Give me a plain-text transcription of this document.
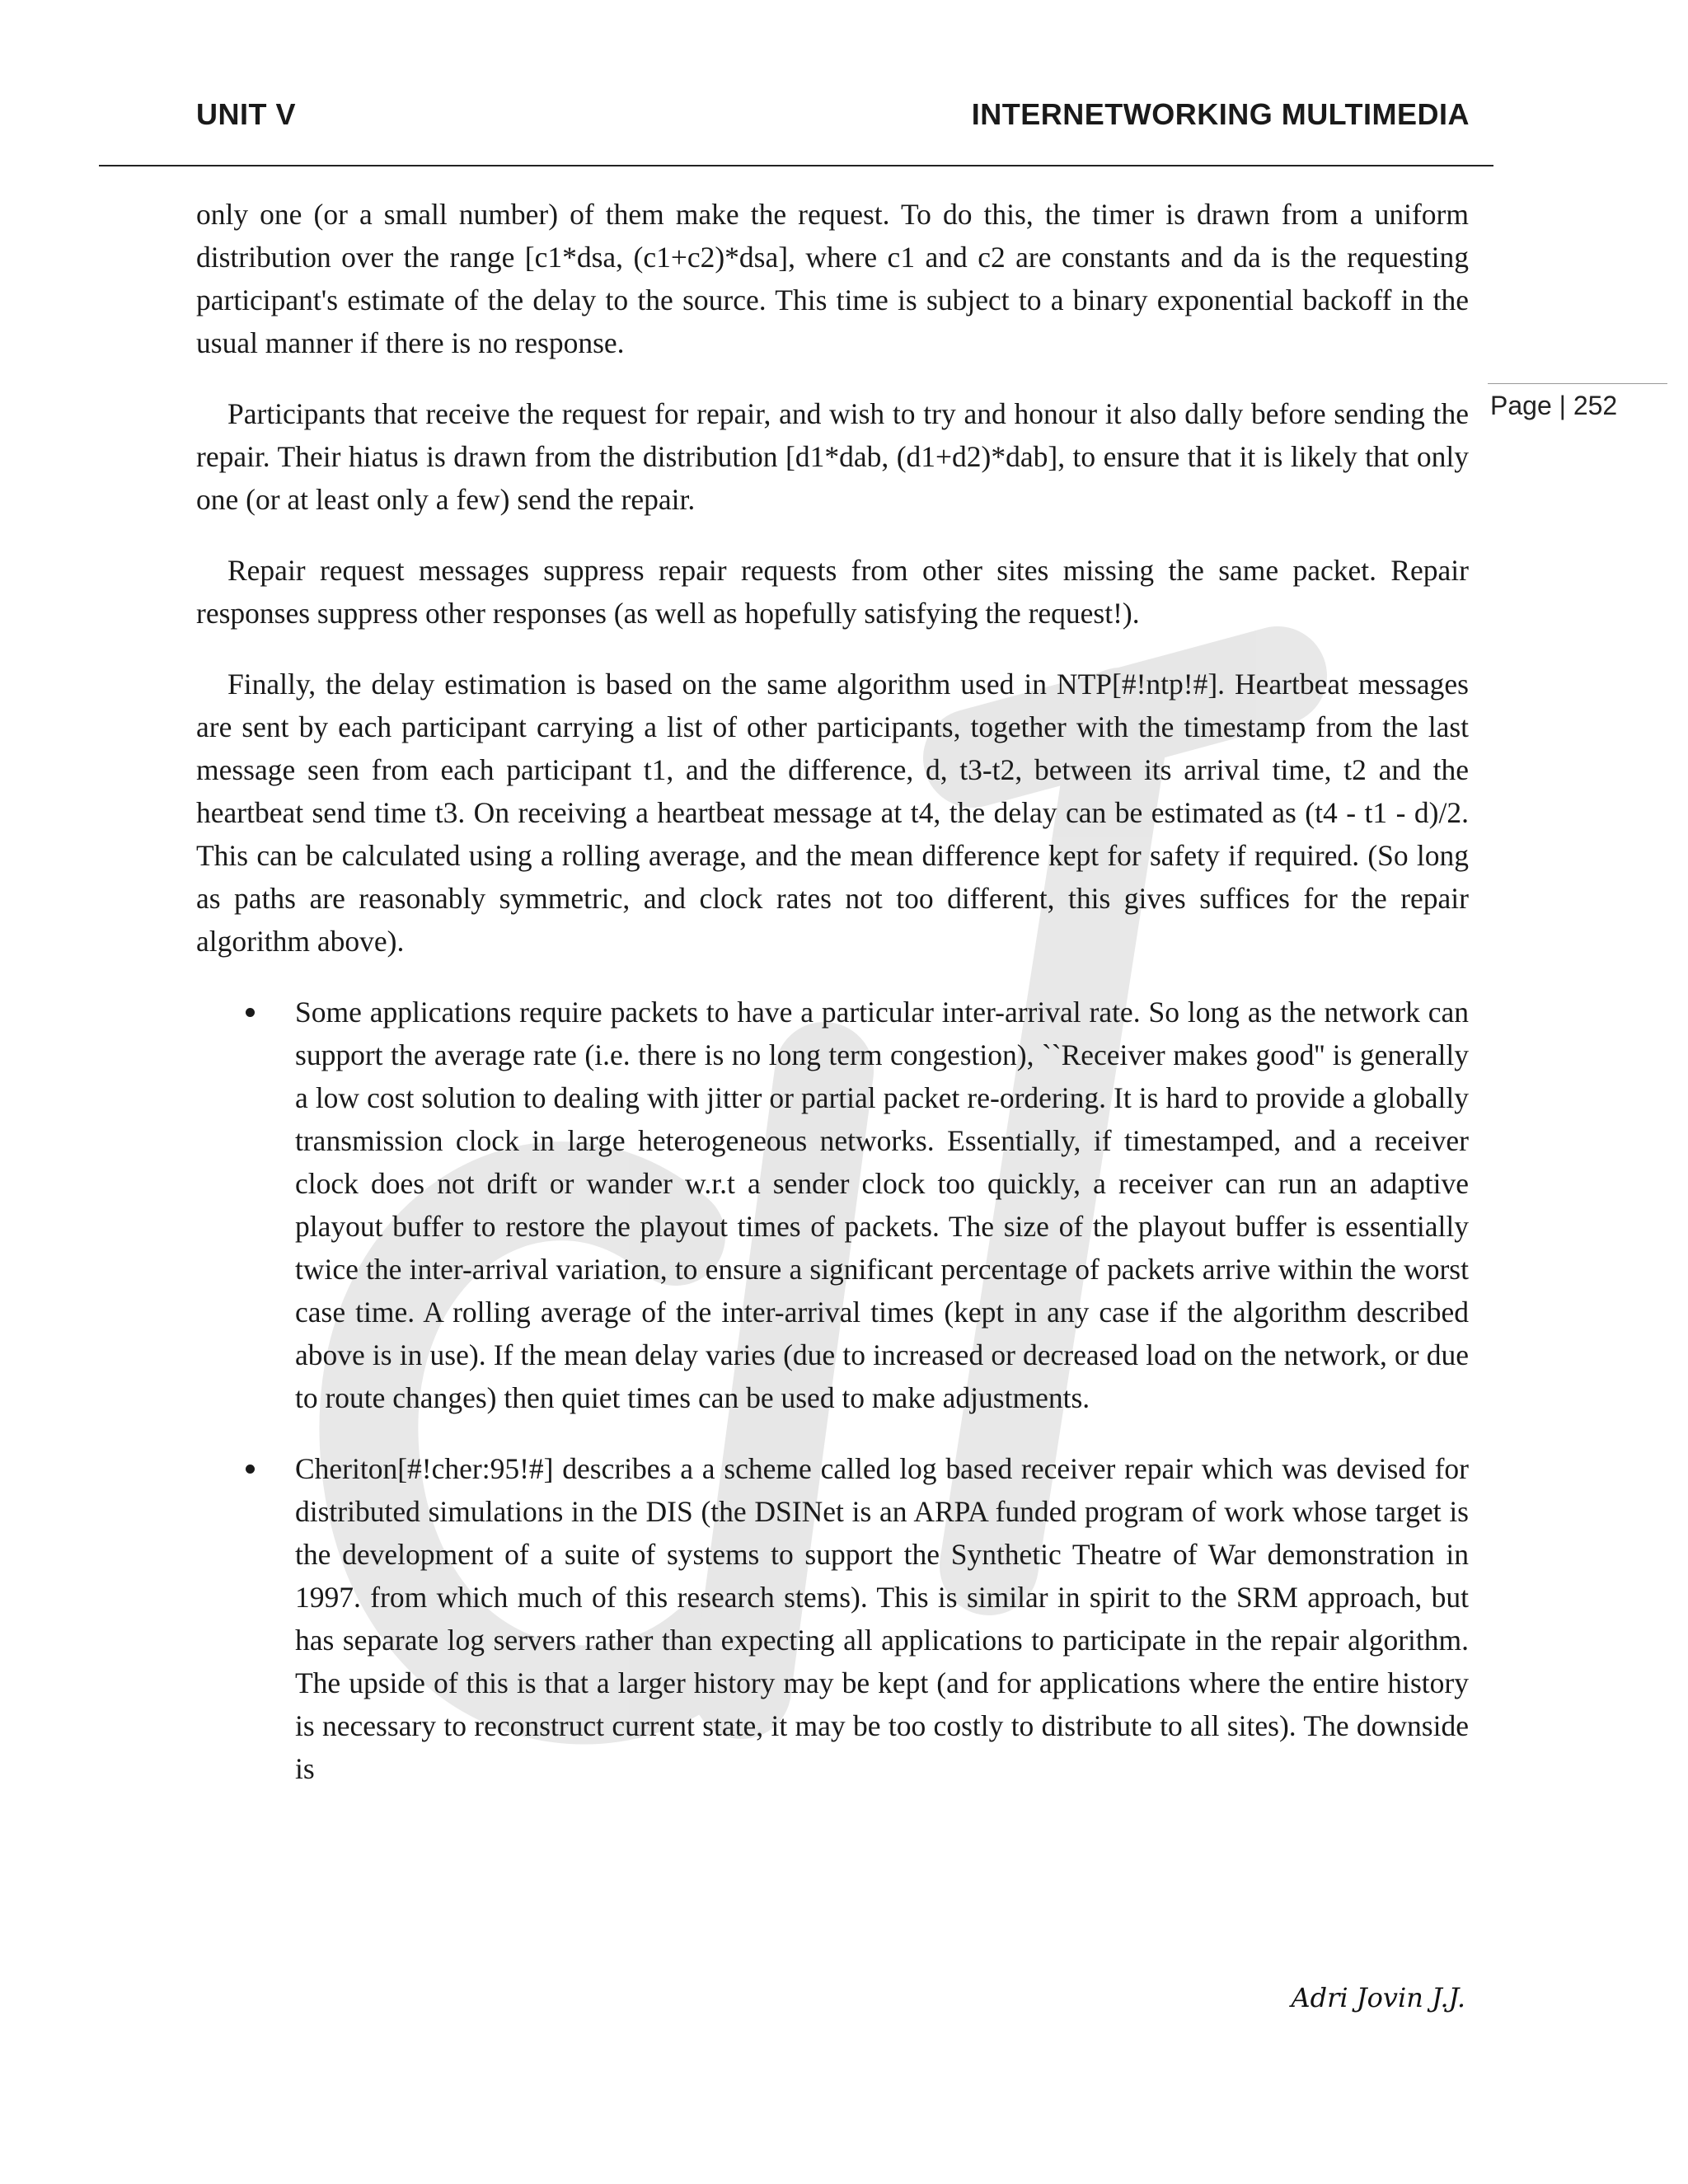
UNIT V	INTERNETWORKING MULTIMEDIA
Page | 252

only one (or a small number) of them make the request. To do this, the timer is drawn from a uniform distribution over the range [c1*dsa, (c1+c2)*dsa], where c1 and c2 are constants and da is the requesting participant's estimate of the delay to the source. This time is subject to a binary exponential backoff in the usual manner if there is no response.

Participants that receive the request for repair, and wish to try and honour it also dally before sending the repair. Their hiatus is drawn from the distribution [d1*dab, (d1+d2)*dab], to ensure that it is likely that only one (or at least only a few) send the repair.

Repair request messages suppress repair requests from other sites missing the same packet. Repair responses suppress other responses (as well as hopefully satisfying the request!).

Finally, the delay estimation is based on the same algorithm used in NTP[#!ntp!#]. Heartbeat messages are sent by each participant carrying a list of other participants, together with the timestamp from the last message seen from each participant t1, and the difference, d, t3-t2, between its arrival time, t2 and the heartbeat send time t3. On receiving a heartbeat message at t4, the delay can be estimated as (t4 - t1 - d)/2. This can be calculated using a rolling average, and the mean difference kept for safety if required. (So long as paths are reasonably symmetric, and clock rates not too different, this gives suffices for the repair algorithm above).

Some applications require packets to have a particular inter-arrival rate. So long as the network can support the average rate (i.e. there is no long term congestion), ``Receiver makes good'' is generally a low cost solution to dealing with jitter or partial packet re-ordering. It is hard to provide a globally transmission clock in large heterogeneous networks. Essentially, if timestamped, and a receiver clock does not drift or wander w.r.t a sender clock too quickly, a receiver can run an adaptive playout buffer to restore the playout times of packets. The size of the playout buffer is essentially twice the inter-arrival variation, to ensure a significant percentage of packets arrive within the worst case time. A rolling average of the inter-arrival times (kept in any case if the algorithm described above is in use). If the mean delay varies (due to increased or decreased load on the network, or due to route changes) then quiet times can be used to make adjustments.
Cheriton[#!cher:95!#] describes a a scheme called log based receiver repair which was devised for distributed simulations in the DIS (the DSINet is an ARPA funded program of work whose target is the development of a suite of systems to support the Synthetic Theatre of War demonstration in 1997. from which much of this research stems). This is similar in spirit to the SRM approach, but has separate log servers rather than expecting all applications to participate in the repair algorithm. The upside of this is that a larger history may be kept (and for applications where the entire history is necessary to reconstruct current state, it may be too costly to distribute to all sites). The downside is
Adri Jovin J.J.
